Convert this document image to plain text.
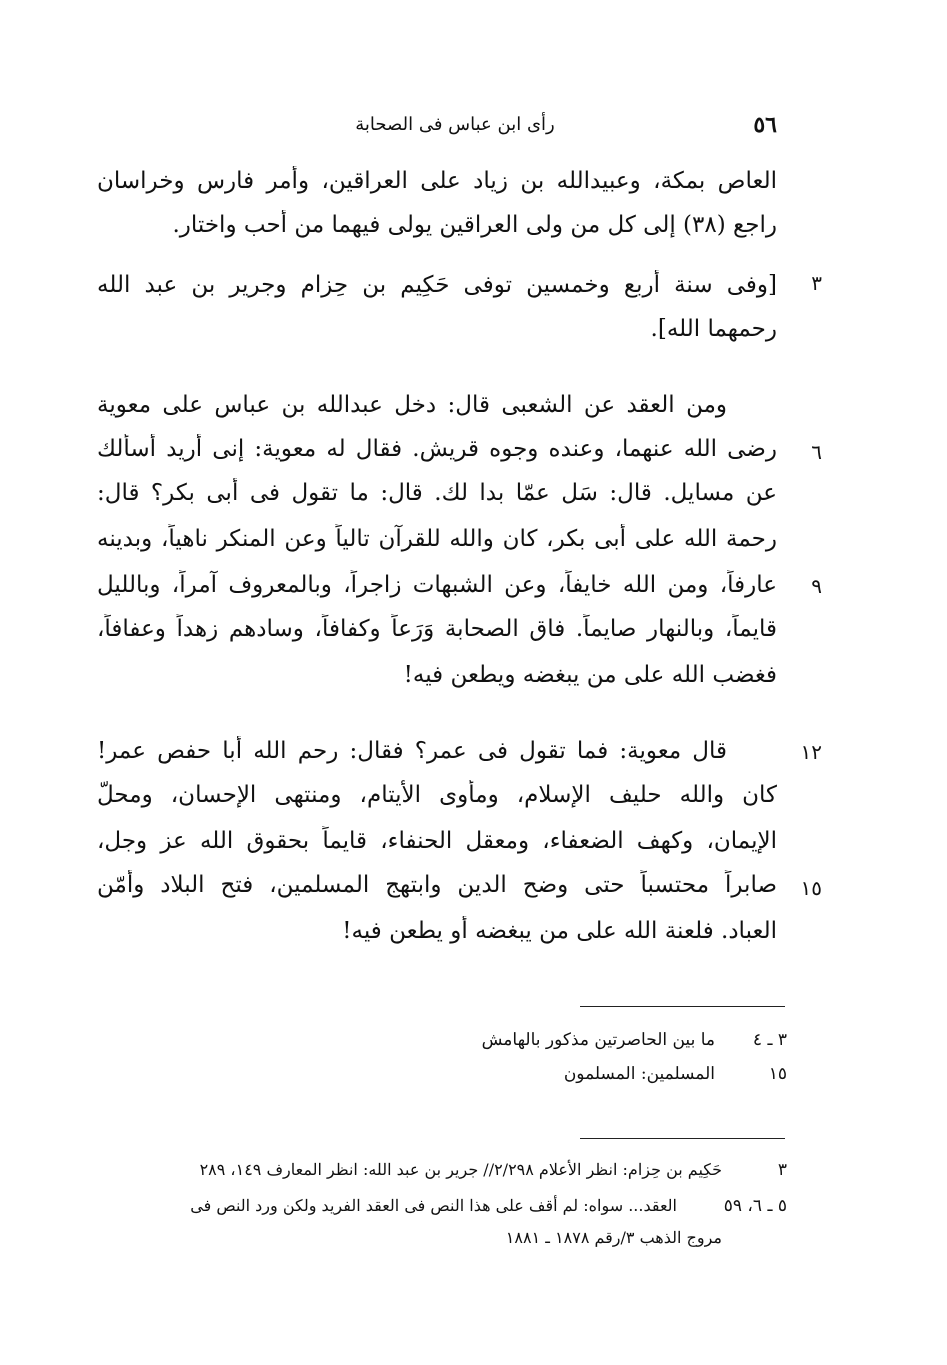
٥٦
رأى ابن عباس فى الصحابة
العاص بمكة، وعبيدالله بن زياد على العراقين، وأمر فارس وخراسان
راجع (٣٨) إلى كل من ولى العراقين يولى فيهما من أحب واختار.
٣
[وفى سنة أربع وخمسين توفى حَكِيم بن حِزام وجرير بن عبد الله
رحمهما الله].
ومن العقد عن الشعبى قال: دخل عبدالله بن عباس على معوية
٦
رضى الله عنهما، وعنده وجوه قريش. فقال له معوية: إنى أريد أسألك
عن مسايل. قال: سَل عمّا بدا لك. قال: ما تقول فى أبى بكر؟ قال:
رحمة الله على أبى بكر، كان والله للقرآن تالياً وعن المنكر ناهياً، وبدينه
٩
عارفاً، ومن الله خايفاً، وعن الشبهات زاجراً، وبالمعروف آمراً، وبالليل
قايماً، وبالنهار صايماً. فاق الصحابة وَرَعاً وكفافاً، وسادهم زهداً وعفافاً،
فغضب الله على من يبغضه ويطعن فيه!
١٢
قال معوية: فما تقول فى عمر؟ فقال: رحم الله أبا حفص عمر!
كان والله حليف الإسلام، ومأوى الأيتام، ومنتهى الإحسان، ومحلّ
الإيمان، وكهف الضعفاء، ومعقل الحنفاء، قايماً بحقوق الله عز وجل،
١٥
صابراً محتسباً حتى وضح الدين وابتهج المسلمين، فتح البلاد وأمّن
العباد. فلعنة الله على من يبغضه أو يطعن فيه!
٣ ـ ٤
ما بين الحاصرتين مذكور بالهامش
١٥
المسلمين: المسلمون
٣
حَكِيم بن حِزام: انظر الأعلام ٢/٢٩٨// جرير بن عبد الله: انظر المعارف ١٤٩، ٢٨٩
٥ ـ ٦، ٥٩
العقد... سواه: لم أقف على هذا النص فى العقد الفريد ولكن ورد النص فى
مروج الذهب ٣/رقم ١٨٧٨ ـ ١٨٨١
